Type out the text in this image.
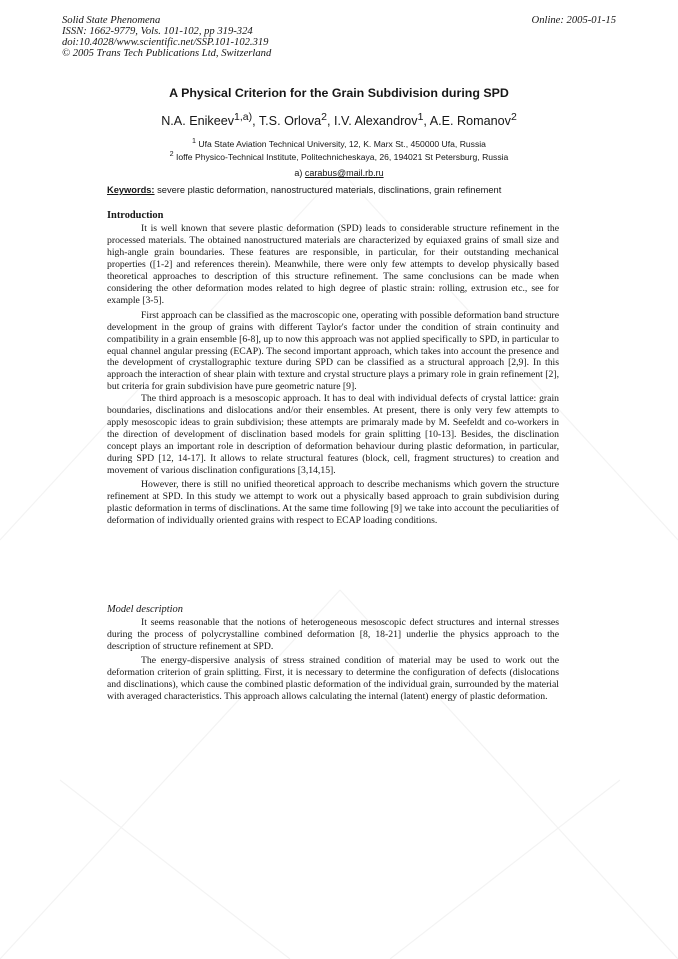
Solid State Phenomena
ISSN: 1662-9779, Vols. 101-102, pp 319-324
doi:10.4028/www.scientific.net/SSP.101-102.319
© 2005 Trans Tech Publications Ltd, Switzerland
Online: 2005-01-15
A Physical Criterion for the Grain Subdivision during SPD
N.A. Enikeev$^{1,a)}$, T.S. Orlova$^2$, I.V. Alexandrov$^1$, A.E. Romanov$^2$
$^1$ Ufa State Aviation Technical University, 12, K. Marx St., 450000 Ufa, Russia
$^2$ Ioffe Physico-Technical Institute, Politechnicheskaya, 26, 194021 St Petersburg, Russia
a) carabus@mail.rb.ru
Keywords: severe plastic deformation, nanostructured materials, disclinations, grain refinement
Introduction

It is well known that severe plastic deformation (SPD) leads to considerable structure refinement in the processed materials. The obtained nanostructured materials are characterized by equiaxed grains of small size and high-angle grain boundaries. These features are responsible, in particular, for their outstanding mechanical properties ([1-2] and references therein). Meanwhile, there were only few attempts to develop physically based theoretical approaches to description of this structure refinement. The same conclusions can be made when considering the other deformation modes related to high degree of plastic strain: rolling, extrusion etc., see for example [3-5].

First approach can be classified as the macroscopic one, operating with possible deformation band structure development in the group of grains with different Taylor's factor under the condition of strain continuity and compatibility in a grain ensemble [6-8], up to now this approach was not applied specifically to SPD, in particular to equal channel angular pressing (ECAP). The second important approach, which takes into account the presence and the development of crystallographic texture during SPD can be classified as a structural approach [2,9]. In this approach the interaction of shear plain with texture and crystal structure plays a primary role in grain refinement [2], but criteria for grain subdivision have pure geometric nature [9].

The third approach is a mesoscopic approach. It has to deal with individual defects of crystal lattice: grain boundaries, disclinations and dislocations and/or their ensembles. At present, there is only very few attempts to apply mesoscopic ideas to grain subdivision; these attempts are primaraly made by M. Seefeldt and co-workers in the direction of development of disclination based models for grain splitting [10-13]. Besides, the disclination concept plays an important role in description of deformation behaviour during plastic deformation, in particular, during SPD [12, 14-17]. It allows to relate structural features (block, cell, fragment structures) to creation and movement of various disclination configurations [3,14,15].

However, there is still no unified theoretical approach to describe mechanisms which govern the structure refinement at SPD. In this study we attempt to work out a physically based approach to grain subdivision during plastic deformation in terms of disclinations. At the same time following [9] we take into account the peculiarities of deformation of individually oriented grains with respect to ECAP loading conditions.

Model description

It seems reasonable that the notions of heterogeneous mesoscopic defect structures and internal stresses during the process of polycrystalline combined deformation [8, 18-21] underlie the physics approach to the description of structure refinement at SPD.

The energy-dispersive analysis of stress strained condition of material may be used to work out the deformation criterion of grain splitting. First, it is necessary to determine the configuration of defects (dislocations and disclinations), which cause the combined plastic deformation of the individual grain, surrounded by the material with averaged characteristics. This approach allows calculating the internal (latent) energy of plastic deformation.
